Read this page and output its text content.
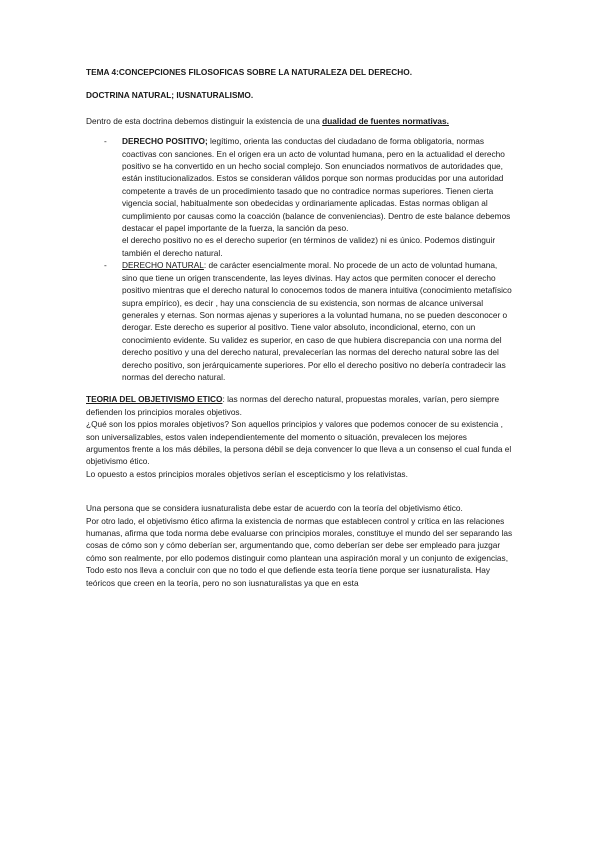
TEMA 4:CONCEPCIONES FILOSOFICAS SOBRE LA NATURALEZA DEL DERECHO.

DOCTRINA NATURAL; IUSNATURALISMO.

Dentro de esta doctrina debemos distinguir la existencia de una dualidad de fuentes normativas.

- DERECHO POSITIVO; legítimo, orienta las conductas del ciudadano de forma obligatoria, normas coactivas con sanciones. En el origen era un acto de voluntad humana, pero en la actualidad el derecho positivo se ha convertido en un hecho social complejo. Son enunciados normativos de autoridades que, están institucionalizados. Estos se consideran válidos porque son normas producidas por una autoridad competente a través de un procedimiento tasado que no contradice normas superiores. Tienen cierta vigencia social, habitualmente son obedecidas y ordinariamente aplicadas. Estas normas obligan al cumplimiento por causas como la coacción (balance de conveniencias). Dentro de este balance debemos destacar el papel importante de la fuerza, la sanción da peso.
el derecho positivo no es el derecho superior (en términos de validez) ni es único. Podemos distinguir también el derecho natural.
- DERECHO NATURAL: de carácter esencialmente moral. No procede de un acto de voluntad humana, sino que tiene un origen transcendente, las leyes divinas. Hay actos que permiten conocer el derecho positivo mientras que el derecho natural lo conocemos todos de manera intuitiva (conocimiento metafísico supra empírico), es decir , hay una consciencia de su existencia, son normas de alcance universal generales y eternas. Son normas ajenas y superiores a la voluntad humana, no se pueden desconocer o derogar. Este derecho es superior al positivo. Tiene valor absoluto, incondicional, eterno, con un conocimiento evidente. Su validez es superior, en caso de que hubiera discrepancia con una norma del derecho positivo y una del derecho natural, prevalecerían las normas del derecho natural sobre las del derecho positivo, son jerárquicamente superiores. Por ello el derecho positivo no debería contradecir las normas del derecho natural.

TEORIA DEL OBJETIVISMO ETICO: las normas del derecho natural, propuestas morales, varían, pero siempre defienden los principios morales objetivos.

¿Qué son los ppios morales objetivos? Son aquellos principios y valores que podemos conocer de su existencia , son universalizables, estos valen independientemente del momento o situación, prevalecen los mejores argumentos frente a los más débiles, la persona débil se deja convencer lo que lleva a un consenso el cual funda el objetivismo ético.

Lo opuesto a estos principios morales objetivos serían el escepticismo y los relativistas.

Una persona que se considera iusnaturalista debe estar de acuerdo con la teoría del objetivismo ético.

Por otro lado, el objetivismo ético afirma la existencia de normas que establecen control y crítica en las relaciones humanas, afirma que toda norma debe evaluarse con principios morales, constituye el mundo del ser separando las cosas de cómo son y cómo deberían ser, argumentando que, como deberían ser debe ser empleado para juzgar cómo son realmente, por ello podemos distinguir como plantean una aspiración moral y un conjunto de exigencias, Todo esto nos lleva a concluir con que no todo el que defiende esta teoría tiene porque ser iusnaturalista. Hay teóricos que creen en la teoría, pero no son iusnaturalistas ya que en esta
